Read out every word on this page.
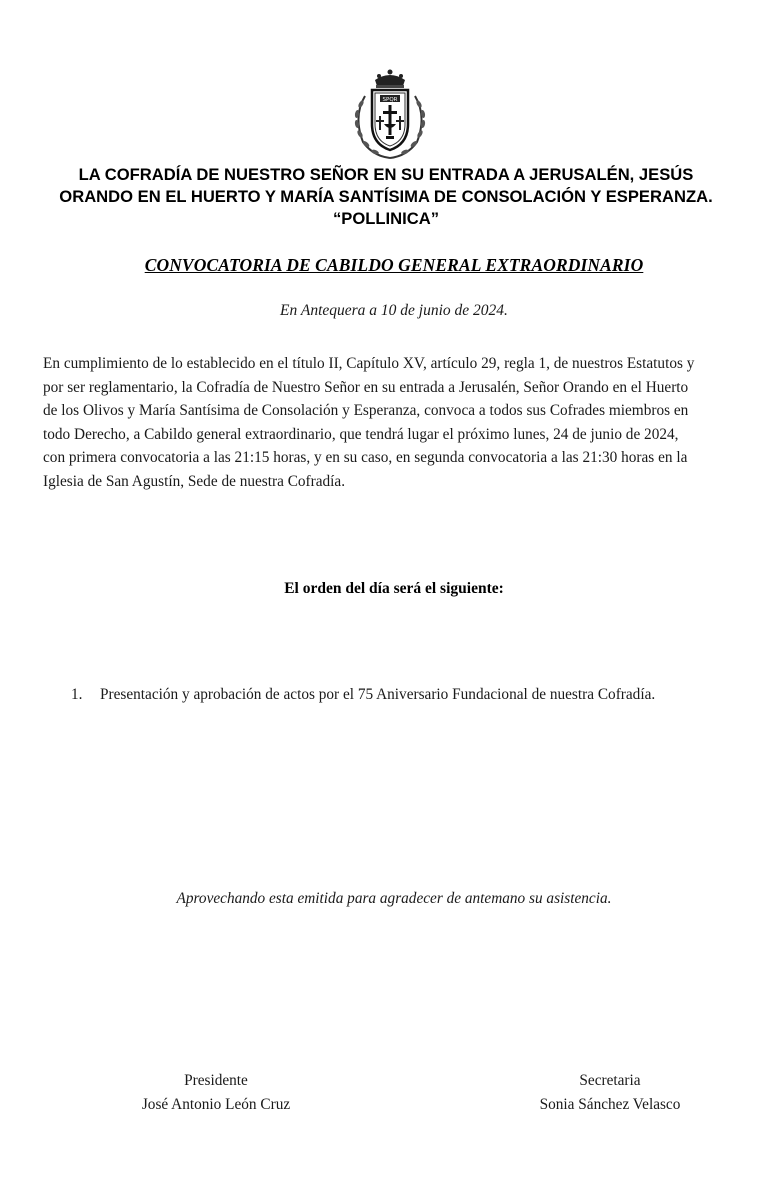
SPQR
LA COFRADÍA DE NUESTRO SEÑOR EN SU ENTRADA A JERUSALÉN, JESÚS
ORANDO EN EL HUERTO Y MARÍA SANTÍSIMA DE CONSOLACIÓN Y ESPERANZA.
“POLLINICA”
CONVOCATORIA DE CABILDO GENERAL EXTRAORDINARIO
En Antequera a 10 de junio de 2024.
En cumplimiento de lo establecido en el título II, Capítulo XV, artículo 29, regla 1, de nuestros Estatutos y
por ser reglamentario, la Cofradía de Nuestro Señor en su entrada a Jerusalén, Señor Orando en el Huerto
de los Olivos y María Santísima de Consolación y Esperanza, convoca a todos sus Cofrades miembros en
todo Derecho, a Cabildo general extraordinario, que tendrá lugar el próximo lunes, 24 de junio de 2024,
con primera convocatoria a las 21:15 horas, y en su caso, en segunda convocatoria a las 21:30 horas en la
Iglesia de San Agustín, Sede de nuestra Cofradía.
El orden del día será el siguiente:
1. Presentación y aprobación de actos por el 75 Aniversario Fundacional de nuestra Cofradía.
Aprovechando esta emitida para agradecer de antemano su asistencia.
Presidente
José Antonio León Cruz
Secretaria
Sonia Sánchez Velasco
